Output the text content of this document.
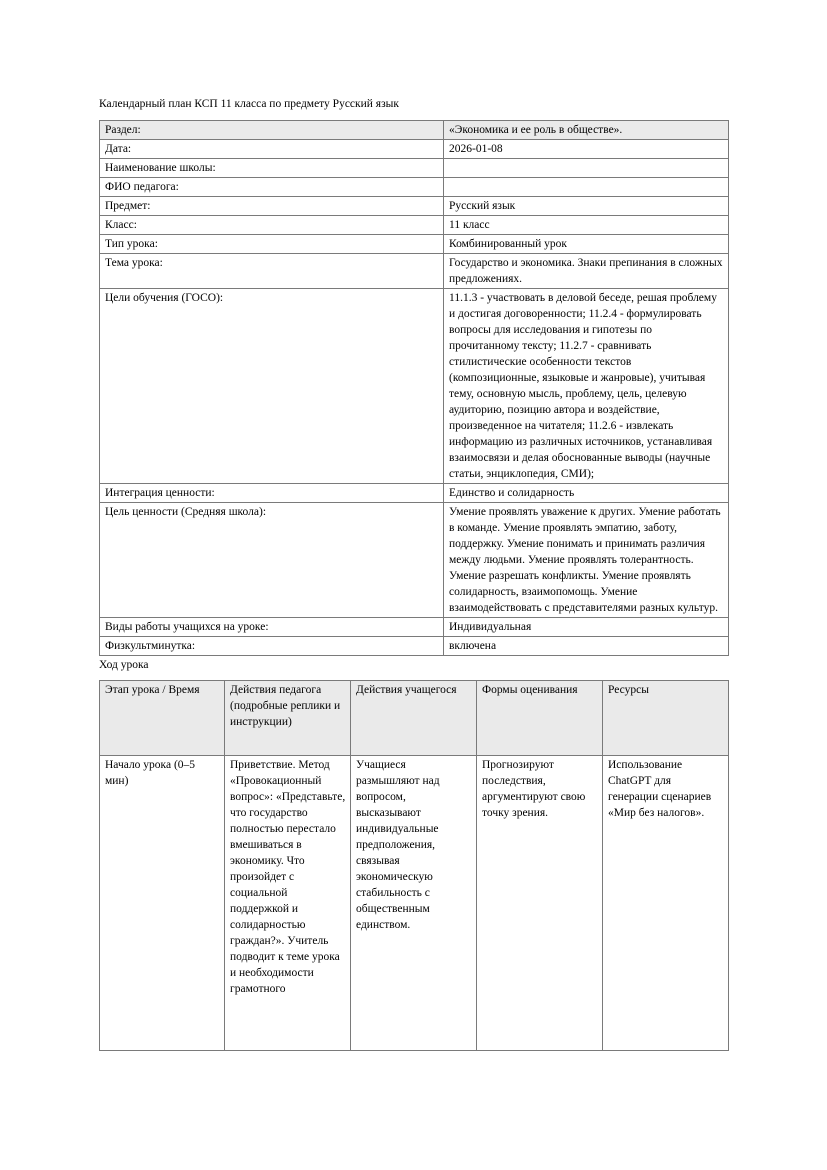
Календарный план КСП 11 класса по предмету Русский язык

Раздел:	«Экономика и ее роль в обществе».
Дата:	2026-01-08
Наименование школы:	
ФИО педагога:	
Предмет:	Русский язык
Класс:	11 класс
Тип урока:	Комбинированный урок
Тема урока:	Государство и экономика. Знаки препинания в сложных предложениях.
Цели обучения (ГОСО):	11.1.3 - участвовать в деловой беседе, решая проблему и достигая договоренности; 11.2.4 - формулировать вопросы для исследования и гипотезы по прочитанному тексту; 11.2.7 - сравнивать стилистические особенности текстов (композиционные, языковые и жанровые), учитывая тему, основную мысль, проблему, цель, целевую аудиторию, позицию автора и воздействие, произведенное на читателя; 11.2.6 - извлекать информацию из различных источников, устанавливая взаимосвязи и делая обоснованные выводы (научные статьи, энциклопедия, СМИ);
Интеграция ценности:	Единство и солидарность
Цель ценности (Средняя школа):	Умение проявлять уважение к других. Умение работать в команде. Умение проявлять эмпатию, заботу, поддержку. Умение понимать и принимать различия между людьми. Умение проявлять толерантность. Умение разрешать конфликты. Умение проявлять солидарность, взаимопомощь. Умение взаимодействовать с представителями разных культур.
Виды работы учащихся на уроке:	Индивидуальная
Физкультминутка:	включена

Ход урока

Этап урока / Время	Действия педагога (подробные реплики и инструкции)	Действия учащегося	Формы оценивания	Ресурсы
Начало урока (0–5 мин)	Приветствие. Метод «Провокационный вопрос»: «Представьте, что государство полностью перестало вмешиваться в экономику. Что произойдет с социальной поддержкой и солидарностью граждан?». Учитель подводит к теме урока и необходимости грамотного	Учащиеся размышляют над вопросом, высказывают индивидуальные предположения, связывая экономическую стабильность с общественным единством.	Прогнозируют последствия, аргументируют свою точку зрения.	Использование ChatGPT для генерации сценариев «Мир без налогов».
